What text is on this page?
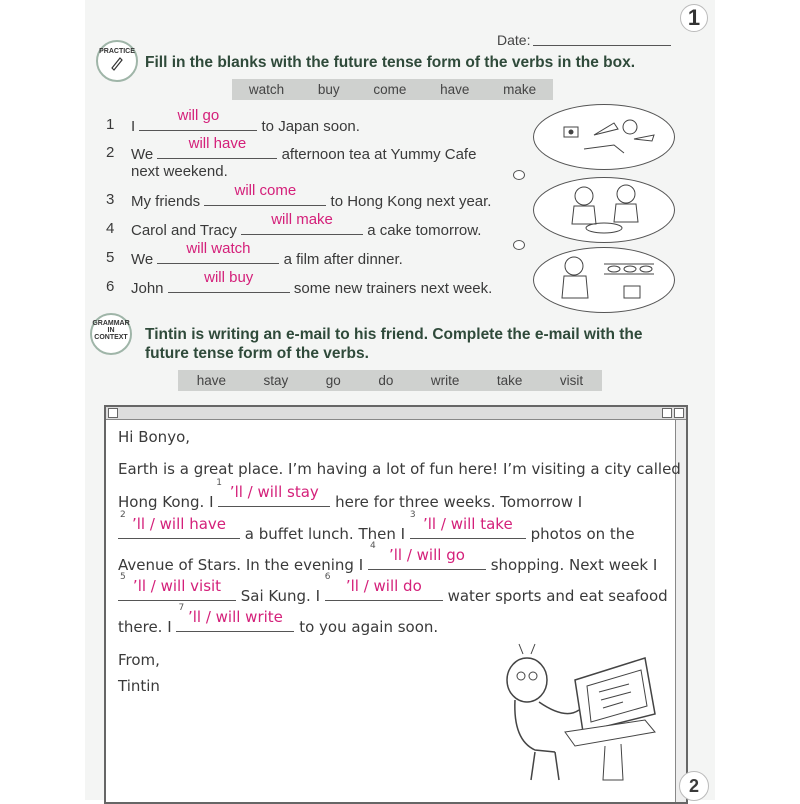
1
Date:
PRACTICE
Fill in the blanks with the future tense form of the verbs in the box.
watch buy come have make
1	I
will go
to Japan soon.
2	We
will have
afternoon tea at Yummy Cafe
next weekend.
3	My friends
will come
to Hong Kong next year.
4	Carol and Tracy
will make
a cake tomorrow.
5	We
will watch
a film after dinner.
6	John
will buy
some new trainers next week.
GRAMMAR
IN
CONTEXT Tintin is writing an e-mail to his friend. Complete the e-mail with the
future tense form of the verbs.
have	stay	go	do	write	take	visit
Hi Bonyo,
Earth is a great place. I’m having a lot of fun here! I’m visiting a city called
Hong Kong. I
1 ’ll / will stay
here for three weeks. Tomorrow I
2 ’ll / will have
a buffet lunch. Then I
3 ’ll / will take
photos on the
Avenue of Stars. In the evening I
4 ’ll / will go
shopping. Next week I
5 ’ll / will visit
Sai Kung. I
6	’ll / will do
water sports and eat seafood
there. I
7 ’ll / will write
to you again soon.
From,
Tintin
2
